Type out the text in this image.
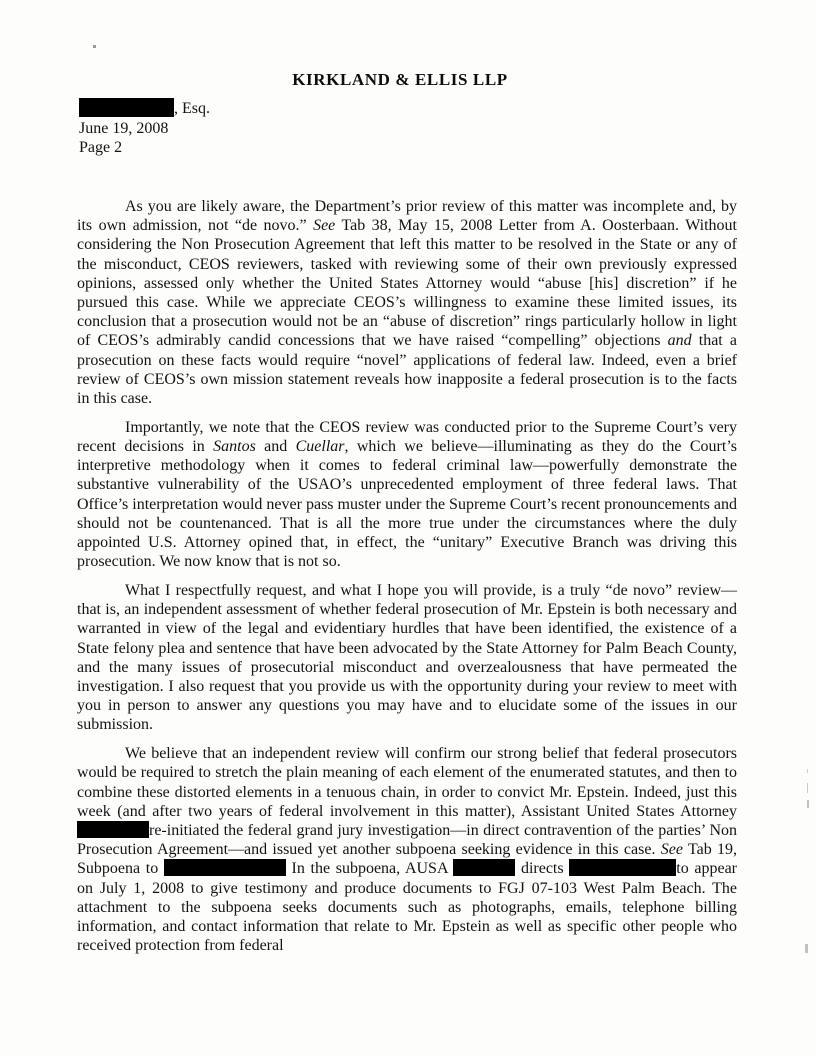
KIRKLAND & ELLIS LLP
, Esq.
June 19, 2008
Page 2

As you are likely aware, the Department’s prior review of this matter was incomplete and, by its own admission, not “de novo.” See Tab 38, May 15, 2008 Letter from A. Oosterbaan. Without considering the Non Prosecution Agreement that left this matter to be resolved in the State or any of the misconduct, CEOS reviewers, tasked with reviewing some of their own previously expressed opinions, assessed only whether the United States Attorney would “abuse [his] discretion” if he pursued this case. While we appreciate CEOS’s willingness to examine these limited issues, its conclusion that a prosecution would not be an “abuse of discretion” rings particularly hollow in light of CEOS’s admirably candid concessions that we have raised “compelling” objections and that a prosecution on these facts would require “novel” applications of federal law. Indeed, even a brief review of CEOS’s own mission statement reveals how inapposite a federal prosecution is to the facts in this case.

Importantly, we note that the CEOS review was conducted prior to the Supreme Court’s very recent decisions in Santos and Cuellar, which we believe—illuminating as they do the Court’s interpretive methodology when it comes to federal criminal law—powerfully demonstrate the substantive vulnerability of the USAO’s unprecedented employment of three federal laws. That Office’s interpretation would never pass muster under the Supreme Court’s recent pronouncements and should not be countenanced. That is all the more true under the circumstances where the duly appointed U.S. Attorney opined that, in effect, the “unitary” Executive Branch was driving this prosecution. We now know that is not so.

What I respectfully request, and what I hope you will provide, is a truly “de novo” review—that is, an independent assessment of whether federal prosecution of Mr. Epstein is both necessary and warranted in view of the legal and evidentiary hurdles that have been identified, the existence of a State felony plea and sentence that have been advocated by the State Attorney for Palm Beach County, and the many issues of prosecutorial misconduct and overzealousness that have permeated the investigation. I also request that you provide us with the opportunity during your review to meet with you in person to answer any questions you may have and to elucidate some of the issues in our submission.

We believe that an independent review will confirm our strong belief that federal prosecutors would be required to stretch the plain meaning of each element of the enumerated statutes, and then to combine these distorted elements in a tenuous chain, in order to convict Mr. Epstein. Indeed, just this week (and after two years of federal involvement in this matter), Assistant United States Attorney re-initiated the federal grand jury investigation—in direct contravention of the parties’ Non Prosecution Agreement—and issued yet another subpoena seeking evidence in this case. See Tab 19, Subpoena to	In the subpoena, AUSA	directs	to appear on July 1, 2008 to give testimony and produce documents to FGJ 07-103 West Palm Beach. The attachment to the subpoena seeks documents such as photographs, emails, telephone billing information, and contact information that relate to Mr. Epstein as well as specific other people who received protection from federal
